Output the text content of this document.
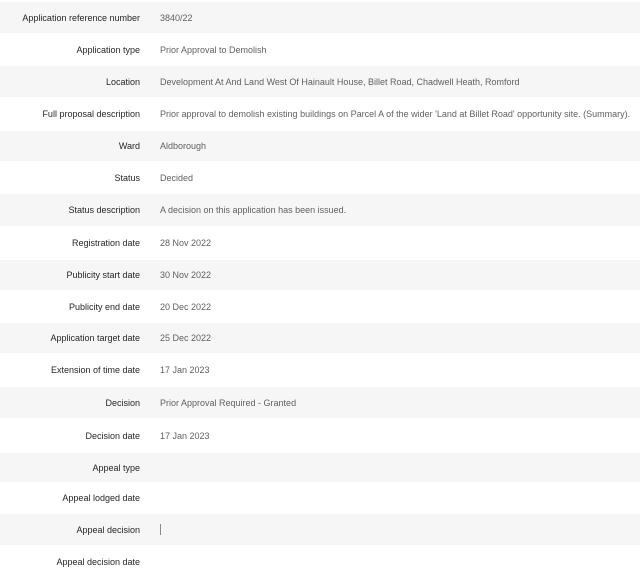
Application reference number 3840/22
Application type Prior Approval to Demolish
Location Development At And Land West Of Hainault House, Billet Road, Chadwell Heath, Romford
Full proposal description Prior approval to demolish existing buildings on Parcel A of the wider 'Land at Billet Road' opportunity site. (Summary).
Ward Aldborough
Status Decided
Status description A decision on this application has been issued.
Registration date 28 Nov 2022
Publicity start date 30 Nov 2022
Publicity end date 20 Dec 2022
Application target date 25 Dec 2022
Extension of time date 17 Jan 2023
Decision Prior Approval Required - Granted
Decision date 17 Jan 2023
Appeal type
Appeal lodged date
Appeal decision
Appeal decision date
